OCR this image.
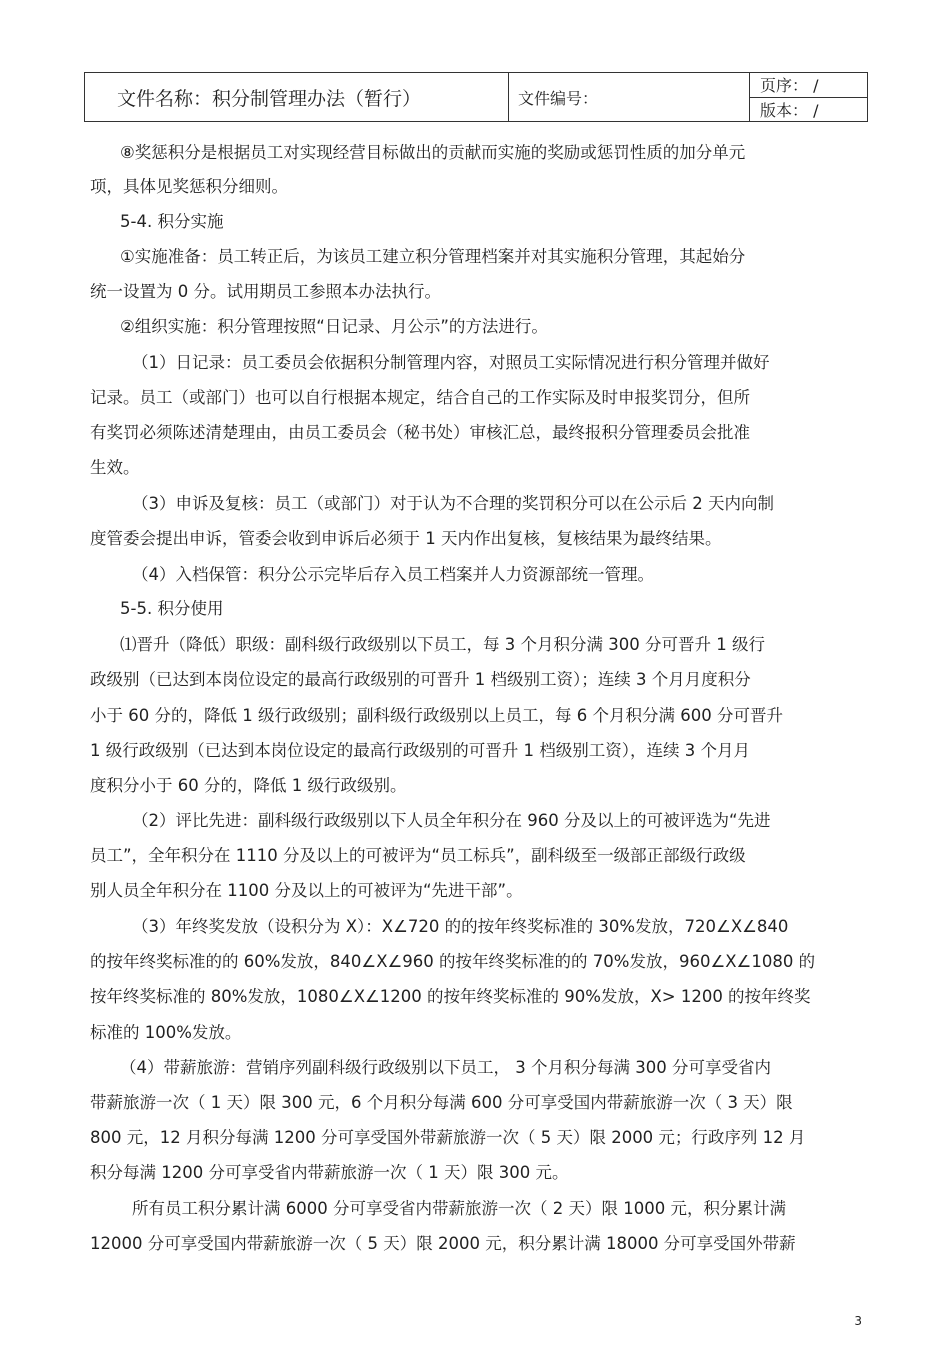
文件名称：积分制管理办法（暂行）	文件编号：
页序： /
版本： /
⑧奖惩积分是根据员工对实现经营目标做出的贡献而实施的奖励或惩罚性质的加分单元
项，具体见奖惩积分细则。
5-4. 积分实施
①实施准备：员工转正后，为该员工建立积分管理档案并对其实施积分管理，其起始分
统一设置为 0 分。试用期员工参照本办法执行。
②组织实施：积分管理按照“日记录、月公示”的方法进行。
（1）日记录：员工委员会依据积分制管理内容，对照员工实际情况进行积分管理并做好
记录。员工（或部门）也可以自行根据本规定，结合自己的工作实际及时申报奖罚分，但所
有奖罚必须陈述清楚理由，由员工委员会（秘书处）审核汇总，最终报积分管理委员会批准
生效。
（3）申诉及复核：员工（或部门）对于认为不合理的奖罚积分可以在公示后 2 天内向制
度管委会提出申诉，管委会收到申诉后必须于 1 天内作出复核，复核结果为最终结果。
（4）入档保管：积分公示完毕后存入员工档案并人力资源部统一管理。
5-5. 积分使用
⑴晋升（降低）职级：副科级行政级别以下员工，每 3 个月积分满 300 分可晋升 1 级行
政级别（已达到本岗位设定的最高行政级别的可晋升 1 档级别工资）；连续 3 个月月度积分
小于 60 分的，降低 1 级行政级别；副科级行政级别以上员工，每 6 个月积分满 600 分可晋升
1 级行政级别（已达到本岗位设定的最高行政级别的可晋升 1 档级别工资），连续 3 个月月
度积分小于 60 分的，降低 1 级行政级别。
（2）评比先进：副科级行政级别以下人员全年积分在 960 分及以上的可被评选为“先进
员工”，全年积分在 1110 分及以上的可被评为“员工标兵”，副科级至一级部正部级行政级
别人员全年积分在 1100 分及以上的可被评为“先进干部”。
（3）年终奖发放（设积分为 X）：X∠720 的的按年终奖标准的 30%发放，720∠X∠840
的按年终奖标准的的 60%发放，840∠X∠960 的按年终奖标准的的 70%发放，960∠X∠1080 的
按年终奖标准的 80%发放，1080∠X∠1200 的按年终奖标准的 90%发放，X> 1200 的按年终奖
标准的 100%发放。
（4）带薪旅游：营销序列副科级行政级别以下员工， 3 个月积分每满 300 分可享受省内
带薪旅游一次（ 1 天）限 300 元，6 个月积分每满 600 分可享受国内带薪旅游一次（ 3 天）限
800 元，12 月积分每满 1200 分可享受国外带薪旅游一次（ 5 天）限 2000 元；行政序列 12 月
积分每满 1200 分可享受省内带薪旅游一次（ 1 天）限 300 元。
所有员工积分累计满 6000 分可享受省内带薪旅游一次（ 2 天）限 1000 元，积分累计满
12000 分可享受国内带薪旅游一次（ 5 天）限 2000 元，积分累计满 18000 分可享受国外带薪
3
